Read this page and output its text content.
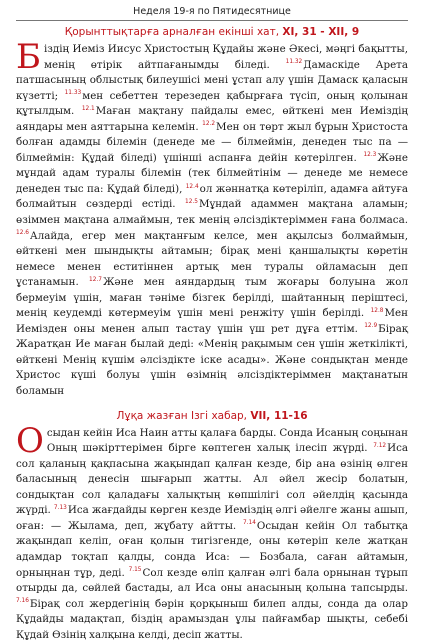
Неделя 19-я по Пятидесятнице
Қорынттықтарға арналған екінші хат, XI, 31 - XII, 9

Біздің Иеміз Иисус Христостың Құдайы және Әкесі, мәңгі бақытты, менің өтірік айтпағанымды біледі.	$^{11.32}$Дамаскіде Арета патшасының облыстық билеушісі мені ұстап алу үшін Дамаск қаласын күзетті; $^{11.33}$мен себеттен терезеден қабырғаға түсіп, оның қолынан құтылдым. $^{12.1}$Маған мақтану пайдалы емес, өйткені мен Иеміздің аяндары мен аяттарына келемін. $^{12.2}$Мен он төрт жыл бұрын Христоста болған адамды білемін (денеде ме — білмеймін, денеден тыс па — білмеймін: Құдай біледі) үшінші аспанға дейін көтерілген. $^{12.3}$Және мұндай адам туралы білемін (тек білмейтінім — денеде ме немесе денеден тыс па: Құдай біледі), $^{12.4}$ол жәннатқа көтеріліп, адамға айтуға болмайтын сөздерді естіді. $^{12.5}$Мұндай адаммен мақтана аламын; өзіммен мақтана алмаймын, тек менің әлсіздіктеріммен ғана болмаса. $^{12.6}$Алайда, егер мен мақтанғым келсе, мен ақылсыз болмаймын, өйткені мен шындықты айтамын; бірақ мені қаншалықты көретін немесе менен еститіннен артық мен туралы ойламасын деп ұстанамын. $^{12.7}$Және мен аяндардың тым жоғары болуына жол бермеуім үшін, маған тәніме бізгек берілді, шайтанның періштесі, менің кеудемді көтермеуім үшін мені ренжіту үшін берілді. $^{12.8}$Мен Иемізден оны менен алып тастау үшін үш рет дұға еттім. $^{12.9}$Бірақ Жаратқан Ие маған былай деді: «Менің рақымым сен үшін жеткілікті, өйткені Менің күшім әлсіздікте іске асады». Және сондықтан менде Христос күші болуы үшін өзімнің әлсіздіктеріммен мақтанатын боламын

Лұқа жазған Ізгі хабар, VII, 11-16

Осыдан кейін Иса Наин атты қалаға барды. Сонда Исаның соңынан Оның шәкірттерімен бірге көптеген халық ілесіп жүрді. $^{7.12}$Иса сол қаланың қақпасына жақындап қалған кезде, бір ана өзінің өлген баласының денесін шығарып жатты. Ал әйел жесір болатын, сондықтан сол қаладағы халықтың көпшілігі сол әйелдің қасында жүрді. $^{7.13}$Иса жағдайды көрген кезде Иеміздің әлгі әйелге жаны ашып, оған: — Жылама, деп, жұбату айтты. $^{7.14}$Осыдан кейін Ол табытқа жақындап келіп, оған қолын тигізгенде, оны көтеріп келе жатқан адамдар тоқтап қалды, сонда Иса: — Бозбала, саған айтамын, орныңнан тұр, деді. $^{7.15}$Сол кезде өліп қалған әлгі бала орнынан тұрып отырды да, сөйлей бастады, ал Иса оны анасының қолына тапсырды. $^{7.16}$Бірақ сол жердегінің бәрін қорқыныш билеп алды, сонда да олар Құдайды мадақтап, біздің арамыздан ұлы пайғамбар шықты, себебі Құдай Өзінің халқына келді, десіп жатты.
